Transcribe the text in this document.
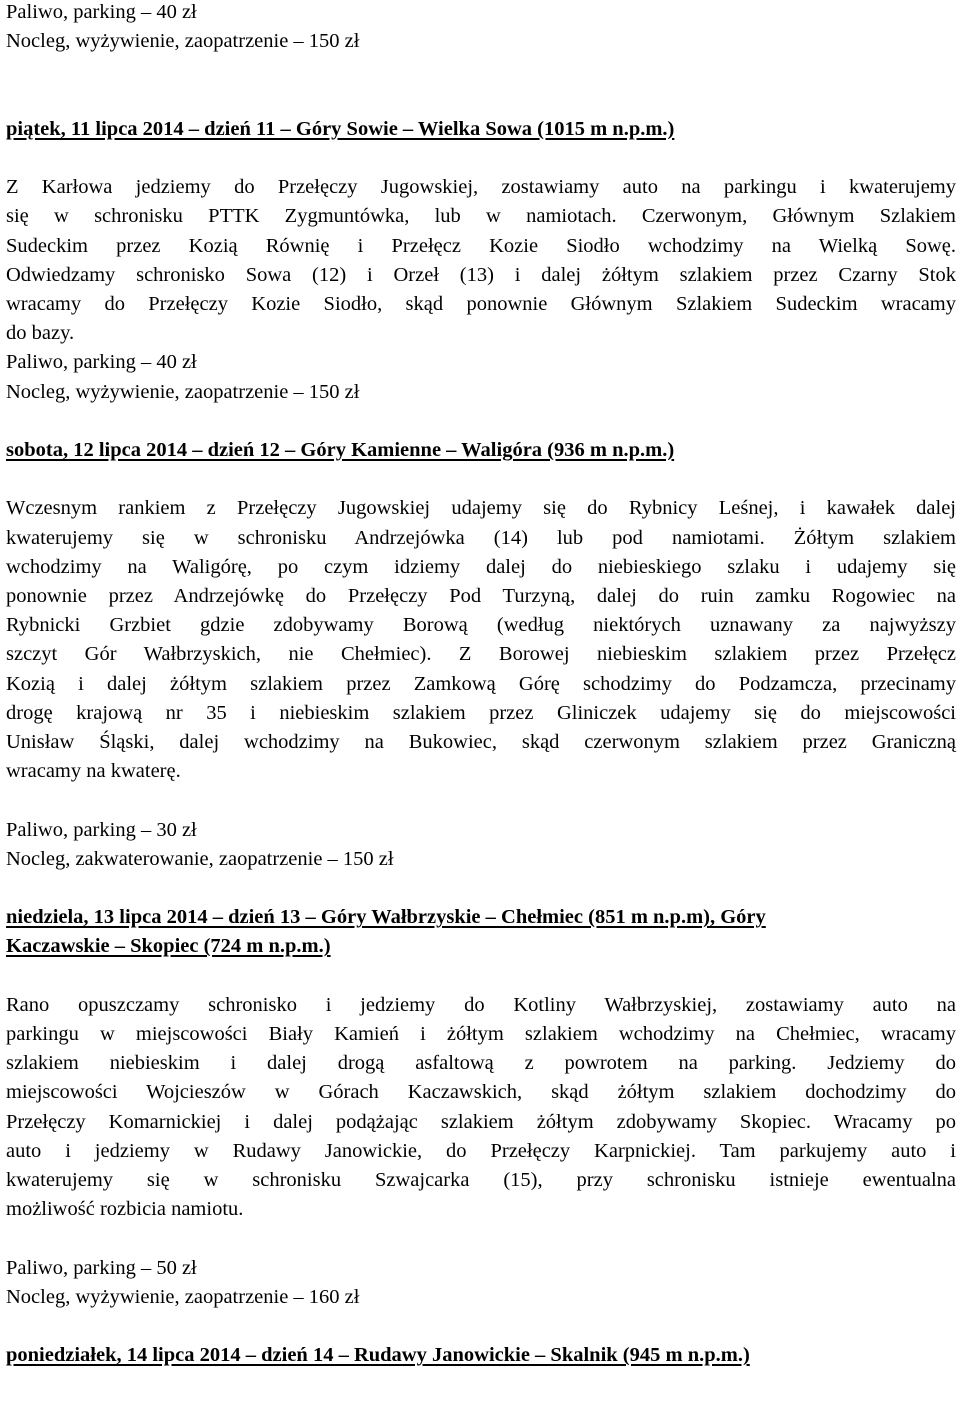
Paliwo, parking – 40 zł
Nocleg, wyżywienie, zaopatrzenie – 150 zł
piątek, 11 lipca 2014 – dzień 11 – Góry Sowie – Wielka Sowa (1015 m n.p.m.)
Z Karłowa jedziemy do Przełęczy Jugowskiej, zostawiamy auto na parkingu i kwaterujemy
się w schronisku PTTK Zygmuntówka, lub w namiotach. Czerwonym, Głównym Szlakiem
Sudeckim przez Kozią Równię i Przełęcz Kozie Siodło wchodzimy na Wielką Sowę.
Odwiedzamy schronisko Sowa (12) i Orzeł (13) i dalej żółtym szlakiem przez Czarny Stok
wracamy do Przełęczy Kozie Siodło, skąd ponownie Głównym Szlakiem Sudeckim wracamy
do bazy.
Paliwo, parking – 40 zł
Nocleg, wyżywienie, zaopatrzenie – 150 zł
sobota, 12 lipca 2014 – dzień 12 – Góry Kamienne – Waligóra (936 m n.p.m.)
Wczesnym rankiem z Przełęczy Jugowskiej udajemy się do Rybnicy Leśnej, i kawałek dalej
kwaterujemy się w schronisku Andrzejówka (14) lub pod namiotami. Żółtym szlakiem
wchodzimy na Waligórę, po czym idziemy dalej do niebieskiego szlaku i udajemy się
ponownie przez Andrzejówkę do Przełęczy Pod Turzyną, dalej do ruin zamku Rogowiec na
Rybnicki Grzbiet gdzie zdobywamy Borową (według niektórych uznawany za najwyższy
szczyt Gór Wałbrzyskich, nie Chełmiec). Z Borowej niebieskim szlakiem przez Przełęcz
Kozią i dalej żółtym szlakiem przez Zamkową Górę schodzimy do Podzamcza, przecinamy
drogę krajową nr 35 i niebieskim szlakiem przez Gliniczek udajemy się do miejscowości
Unisław Śląski, dalej wchodzimy na Bukowiec, skąd czerwonym szlakiem przez Graniczną
wracamy na kwaterę.
Paliwo, parking – 30 zł
Nocleg, zakwaterowanie, zaopatrzenie – 150 zł
niedziela, 13 lipca 2014 – dzień 13 – Góry Wałbrzyskie – Chełmiec (851 m n.p.m), Góry
Kaczawskie – Skopiec (724 m n.p.m.)
Rano opuszczamy schronisko i jedziemy do Kotliny Wałbrzyskiej, zostawiamy auto na
parkingu w miejscowości Biały Kamień i żółtym szlakiem wchodzimy na Chełmiec, wracamy
szlakiem niebieskim i dalej drogą asfaltową z powrotem na parking. Jedziemy do
miejscowości Wojcieszów w Górach Kaczawskich, skąd żółtym szlakiem dochodzimy do
Przełęczy Komarnickiej i dalej podążając szlakiem żółtym zdobywamy Skopiec. Wracamy po
auto i jedziemy w Rudawy Janowickie, do Przełęczy Karpnickiej. Tam parkujemy auto i
kwaterujemy się w schronisku Szwajcarka (15), przy schronisku istnieje ewentualna
możliwość rozbicia namiotu.
Paliwo, parking – 50 zł
Nocleg, wyżywienie, zaopatrzenie – 160 zł
poniedziałek, 14 lipca 2014 – dzień 14 – Rudawy Janowickie – Skalnik (945 m n.p.m.)
